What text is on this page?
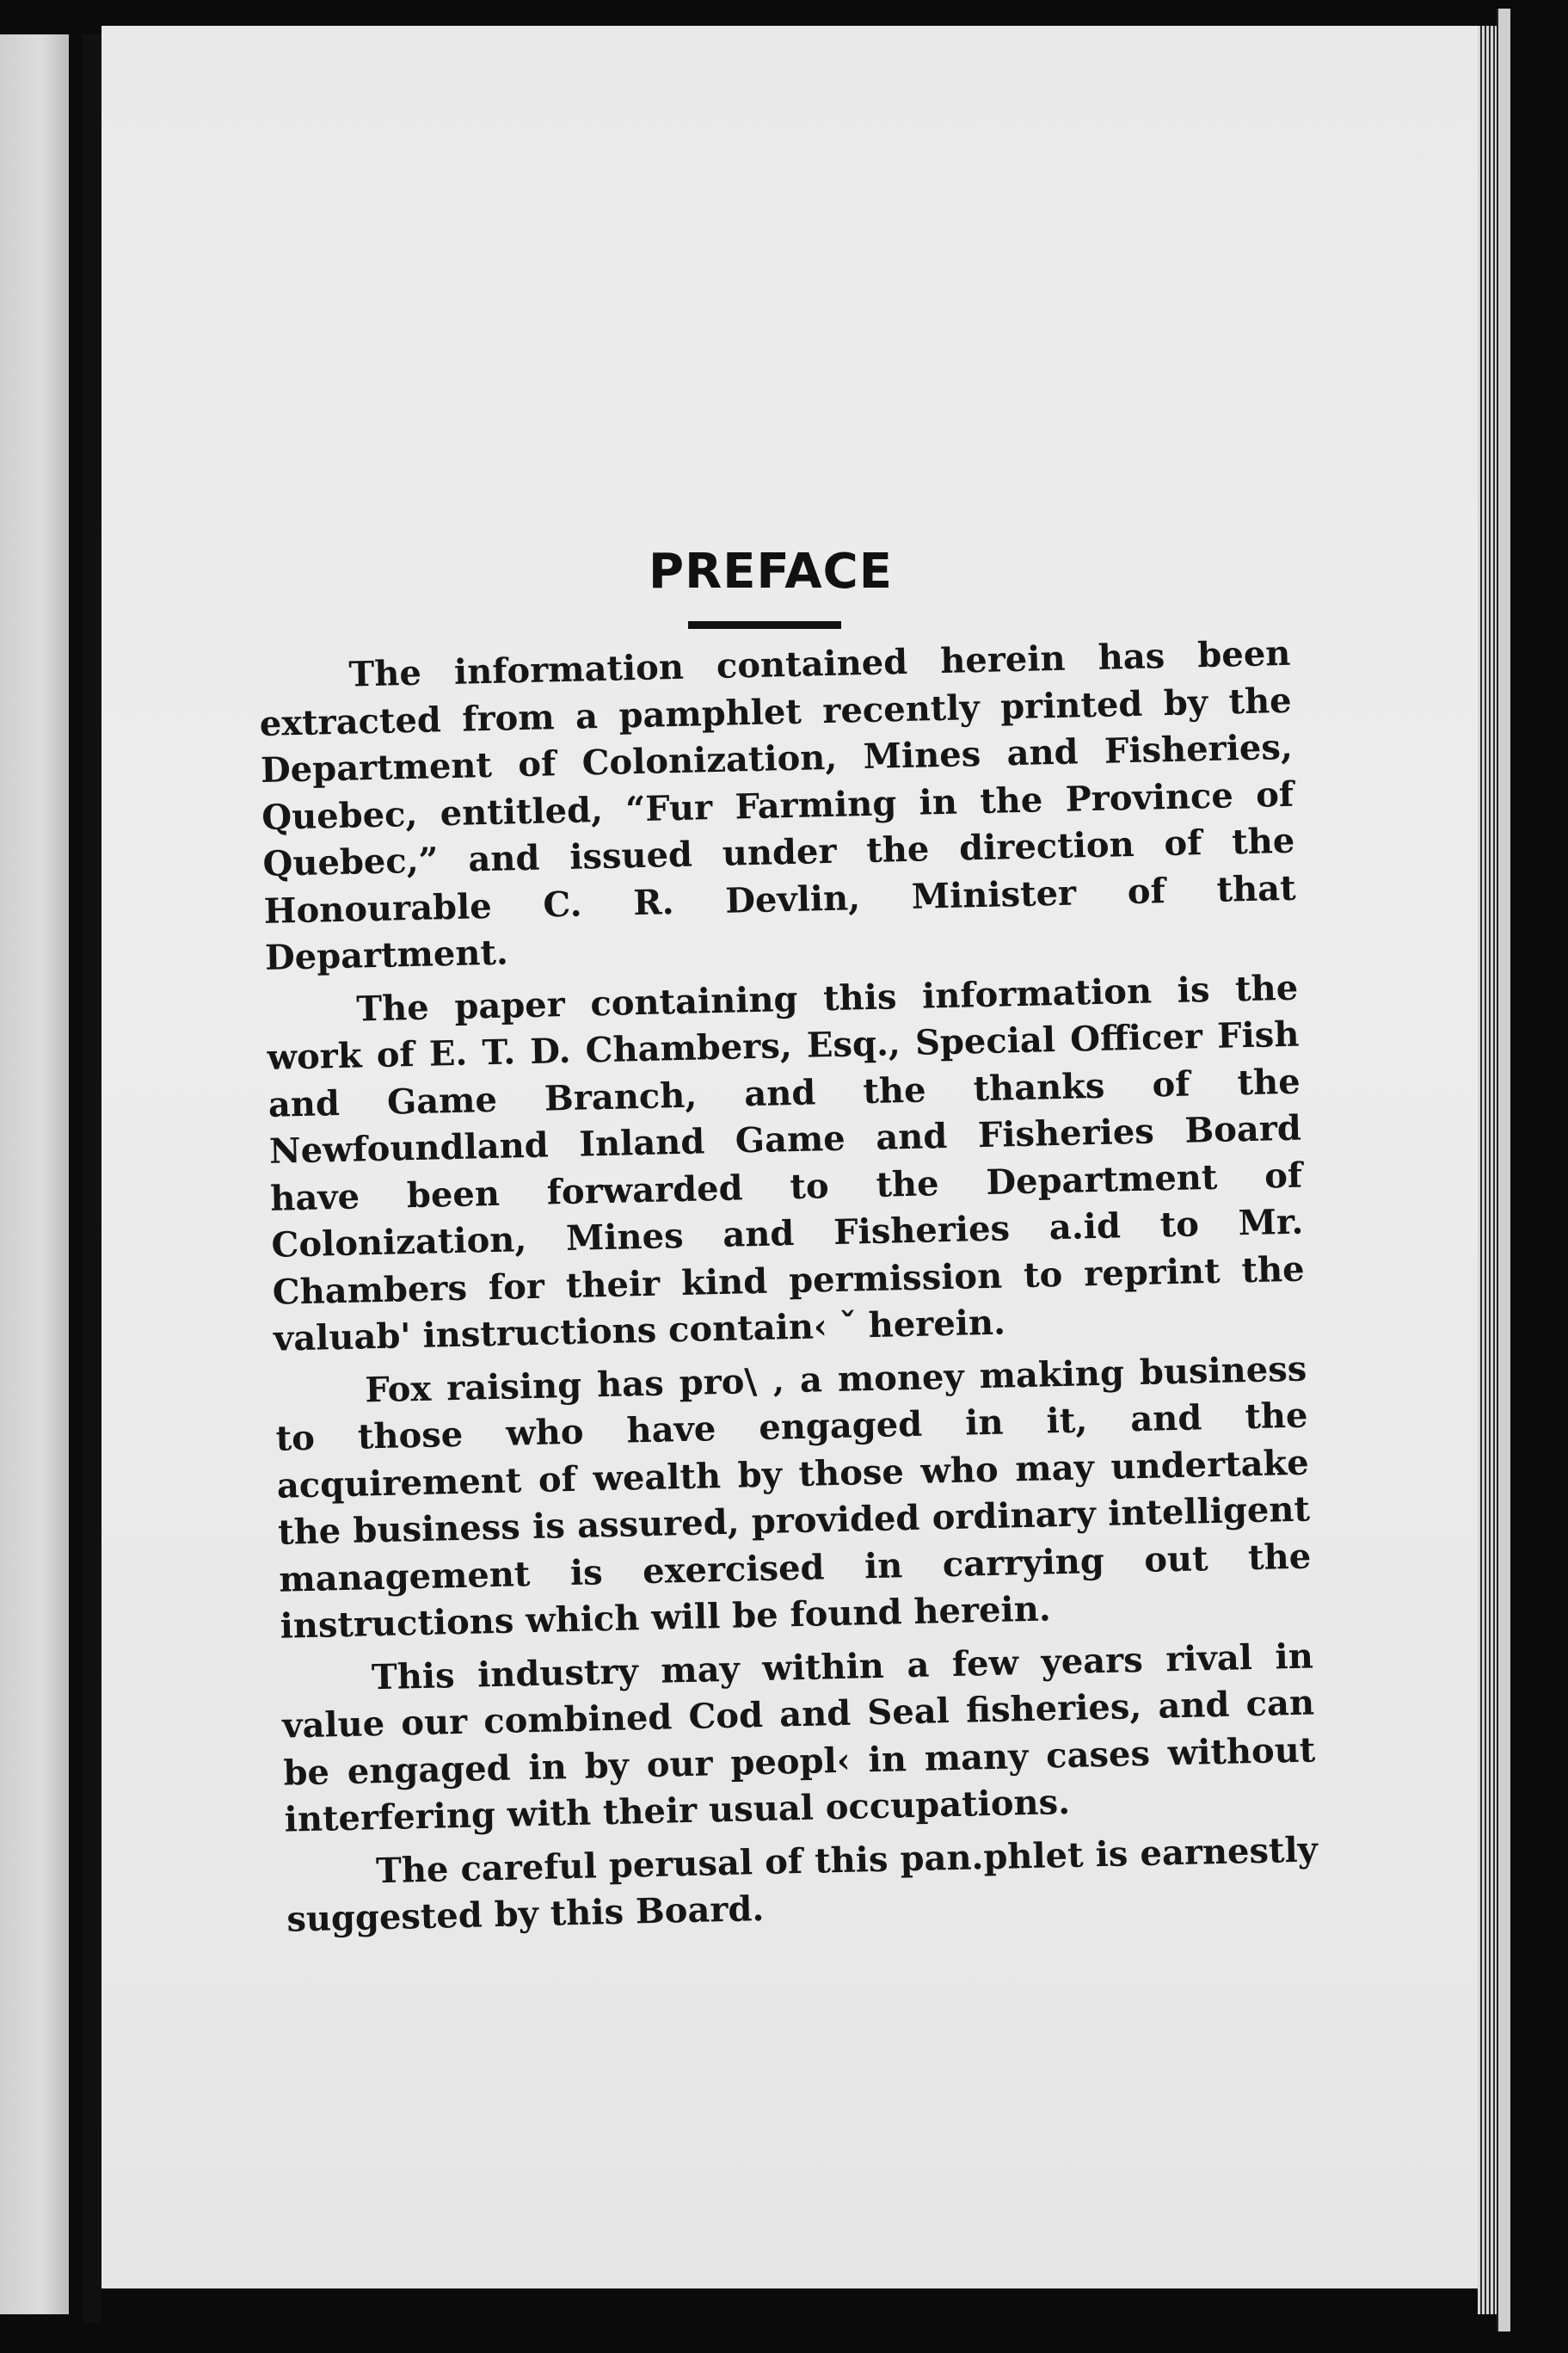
PREFACE

The information contained herein has been extracted from a pamphlet recently printed by the Department of Colonization, Mines and Fisheries, Quebec, entitled, “Fur Farming in the Province of Quebec,” and issued under the direction of the Honourable C. R. Devlin, Minister of that Department.

The paper containing this information is the work of E. T. D. Chambers, Esq., Special Officer Fish and Game Branch, and the thanks of the Newfoundland Inland Game and Fisheries Board have been forwarded to the Department of Colonization, Mines and Fisheries a.id to Mr. Chambers for their kind permission to reprint the valuab' instructions contain‹ ˇ herein.

Fox raising has pro\ ‚ a money making business to those who have engaged in it, and the acquirement of wealth by those who may undertake the business is assured, provided ordinary intelligent management is exercised in carrying out the instructions which will be found herein.

This industry may within a few years rival in value our combined Cod and Seal fisheries, and can be engaged in by our peopl‹ in many cases without interfering with their usual occupations.

The careful perusal of this pan.phlet is earnestly suggested by this Board.
